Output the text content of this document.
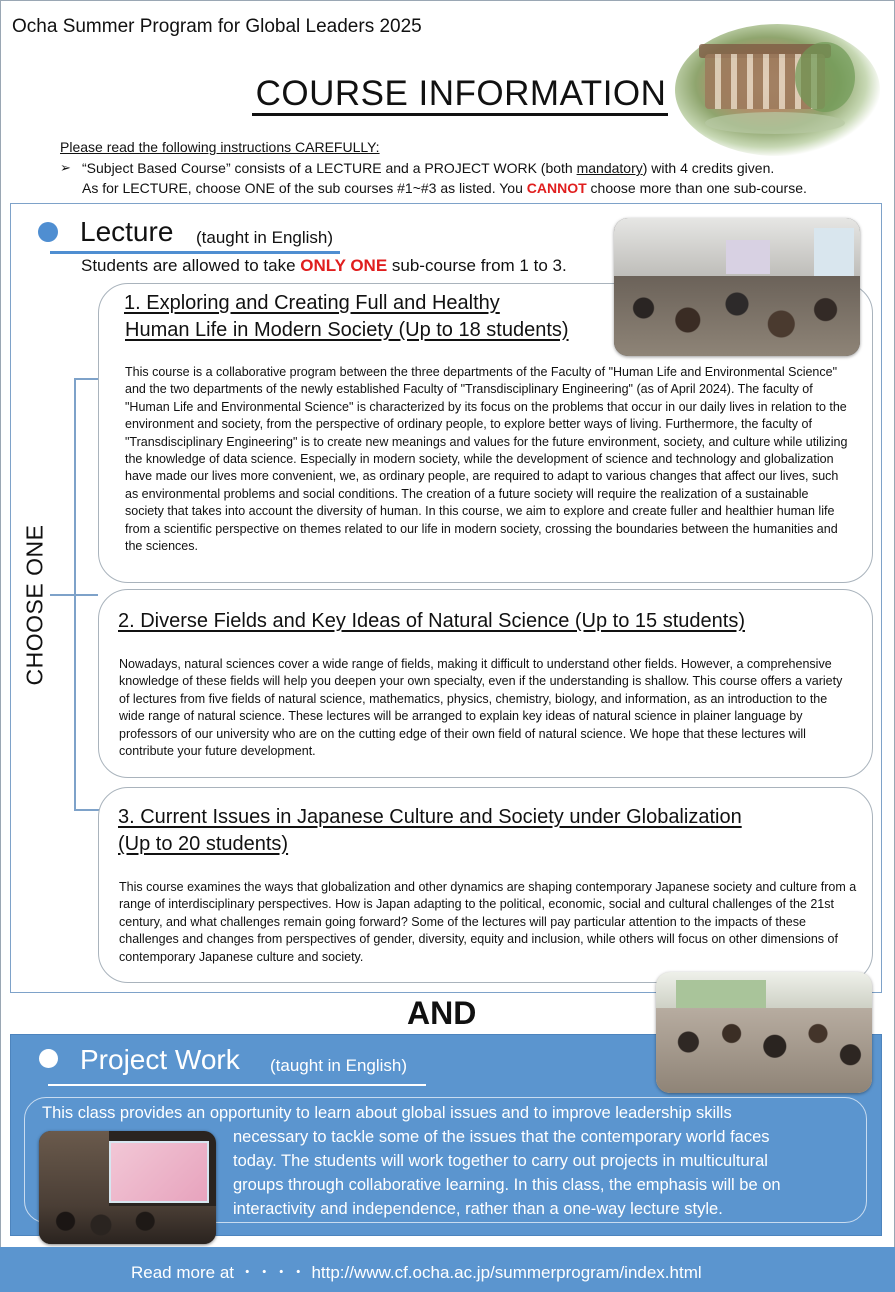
Ocha Summer Program for Global Leaders 2025
COURSE INFORMATION
Please read the following instructions CAREFULLY:
➢ “Subject Based Course” consists of a LECTURE and a PROJECT WORK (both mandatory) with 4 credits given.
As for LECTURE, choose ONE of the sub courses #1~#3 as listed. You CANNOT choose more than one sub-course.
Lecture (taught in English)
Students are allowed to take ONLY ONE sub-course from 1 to 3.
CHOOSE ONE
1. Exploring and Creating Full and Healthy
Human Life in Modern Society (Up to 18 students)
This course is a collaborative program between the three departments of the Faculty of "Human Life and Environmental Science" and the two departments of the newly established Faculty of "Transdisciplinary Engineering" (as of April 2024). The faculty of "Human Life and Environmental Science" is characterized by its focus on the problems that occur in our daily lives in relation to the environment and society, from the perspective of ordinary people, to explore better ways of living. Furthermore, the faculty of "Transdisciplinary Engineering" is to create new meanings and values for the future environment, society, and culture while utilizing the knowledge of data science. Especially in modern society, while the development of science and technology and globalization have made our lives more convenient, we, as ordinary people, are required to adapt to various changes that affect our lives, such as environmental problems and social conditions. The creation of a future society will require the realization of a sustainable society that takes into account the diversity of human. In this course, we aim to explore and create fuller and healthier human life from a scientific perspective on themes related to our life in modern society, crossing the boundaries between the humanities and the sciences.
2. Diverse Fields and Key Ideas of Natural Science (Up to 15 students)
Nowadays, natural sciences cover a wide range of fields, making it difficult to understand other fields. However, a comprehensive knowledge of these fields will help you deepen your own specialty, even if the understanding is shallow. This course offers a variety of lectures from five fields of natural science, mathematics, physics, chemistry, biology, and information, as an introduction to the wide range of natural science. These lectures will be arranged to explain key ideas of natural science in plainer language by professors of our university who are on the cutting edge of their own field of natural science. We hope that these lectures will contribute your future development.
3. Current Issues in Japanese Culture and Society under Globalization
(Up to 20 students)
This course examines the ways that globalization and other dynamics are shaping contemporary Japanese society and culture from a range of interdisciplinary perspectives. How is Japan adapting to the political, economic, social and cultural challenges of the 21st century, and what challenges remain going forward? Some of the lectures will pay particular attention to the impacts of these challenges and changes from perspectives of gender, diversity, equity and inclusion, while others will focus on other dimensions of contemporary Japanese culture and society.
AND
Project Work (taught in English)
This class provides an opportunity to learn about global issues and to improve leadership skills
necessary to tackle some of the issues that the contemporary world faces
today. The students will work together to carry out projects in multicultural
groups through collaborative learning. In this class, the emphasis will be on
interactivity and independence, rather than a one-way lecture style.
Read more at ・・・・ http://www.cf.ocha.ac.jp/summerprogram/index.html
